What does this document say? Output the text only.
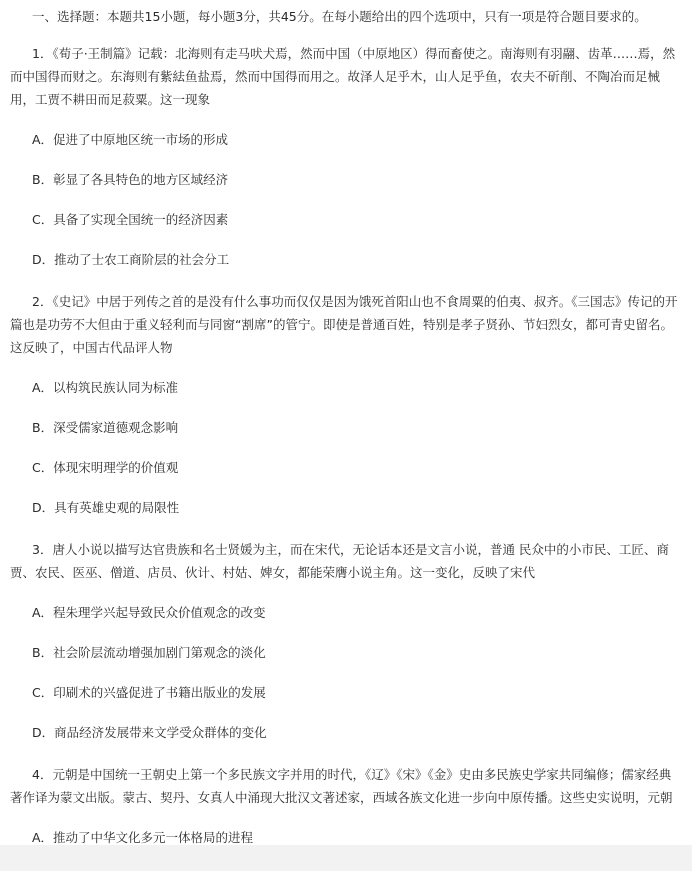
一、选择题：本题共15小题，每小题3分，共45分。在每小题给出的四个选项中，只有一项是符合题目要求的。

1．《荀子·王制篇》记载：北海则有走马吠犬焉，然而中国（中原地区）得而畜使之。南海则有羽翮、齿革……焉，然而中国得而财之。东海则有紫紶鱼盐焉，然而中国得而用之。故泽人足乎木，山人足乎鱼，农夫不斫削、不陶冶而足械用，工贾不耕田而足菽粟。这一现象

A．促进了中原地区统一市场的形成
B．彰显了各具特色的地方区域经济
C．具备了实现全国统一的经济因素
D．推动了士农工商阶层的社会分工

2．《史记》中居于列传之首的是没有什么事功而仅仅是因为饿死首阳山也不食周粟的伯夷、叔齐。《三国志》传记的开篇也是功劳不大但由于重义轻利而与同窗“割席”的管宁。即使是普通百姓，特别是孝子贤孙、节妇烈女，都可青史留名。这反映了，中国古代品评人物

A．以构筑民族认同为标准
B．深受儒家道德观念影响
C．体现宋明理学的价值观
D．具有英雄史观的局限性

3．唐人小说以描写达官贵族和名士贤媛为主，而在宋代，无论话本还是文言小说，普通 民众中的小市民、工匠、商贾、农民、医巫、僧道、店员、伙计、村姑、婢女，都能荣膺小说主角。这一变化，反映了宋代

A．程朱理学兴起导致民众价值观念的改变
B．社会阶层流动增强加剧门第观念的淡化
C．印刷术的兴盛促进了书籍出版业的发展
D．商品经济发展带来文学受众群体的变化

4．元朝是中国统一王朝史上第一个多民族文字并用的时代，《辽》《宋》《金》史由多民族史学家共同编修；儒家经典著作译为蒙文出版。蒙古、契丹、女真人中涌现大批汉文著述家，西域各族文化进一步向中原传播。这些史实说明，元朝

A．推动了中华文化多元一体格局的进程
